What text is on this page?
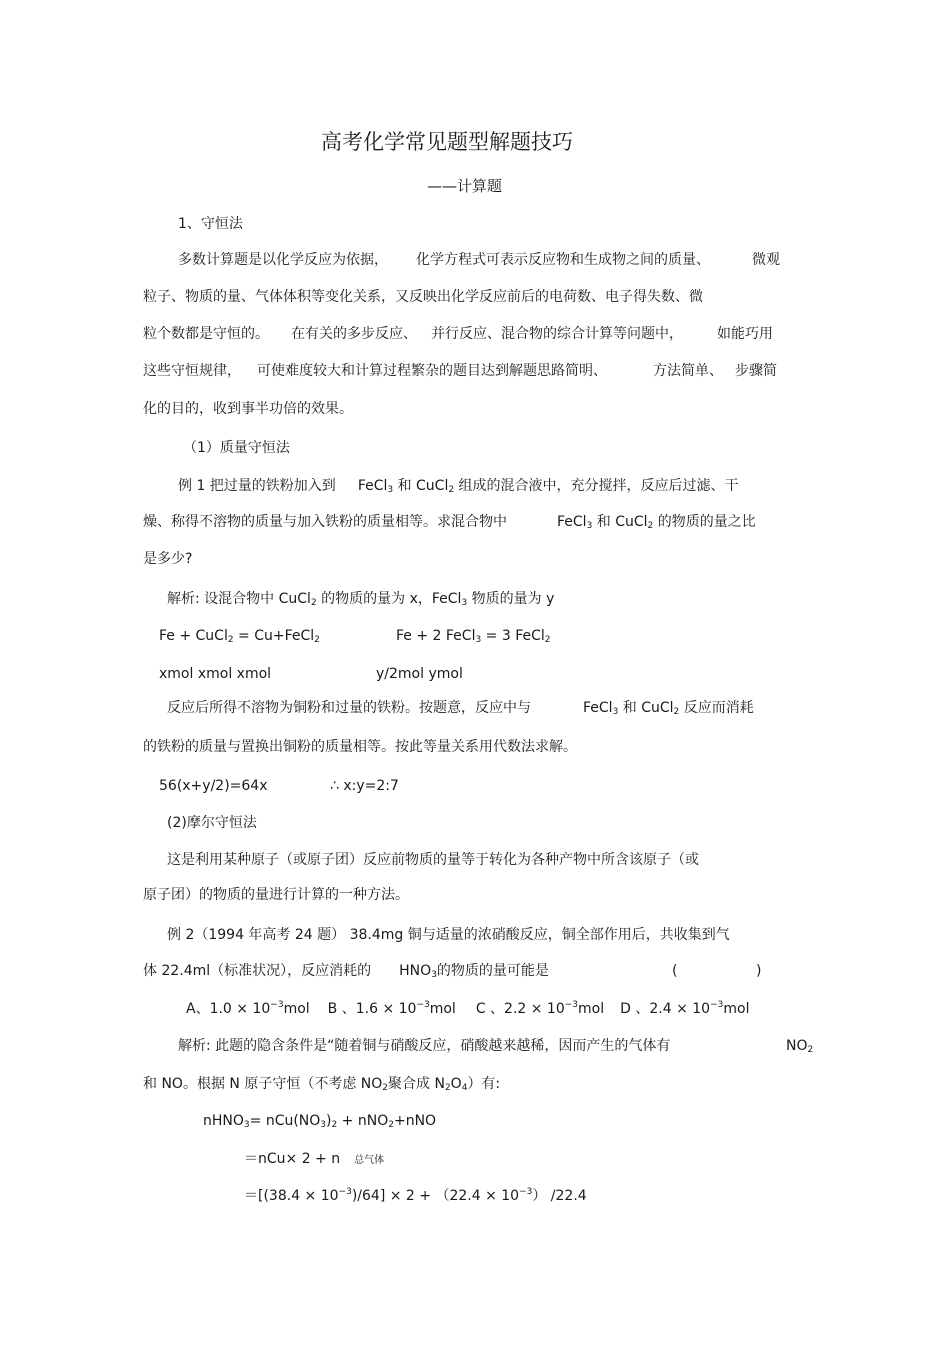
高考化学常见题型解题技巧
——计算题
1、守恒法
多数计算题是以化学反应为依据， 化学方程式可表示反应物和生成物之间的质量、	微观
粒子、物质的量、气体体积等变化关系，又反映出化学反应前后的电荷数、电子得失数、微
粒个数都是守恒的。 在有关的多步反应、 并行反应、混合物的综合计算等问题中， 如能巧用
这些守恒规律， 可使难度较大和计算过程繁杂的题目达到解题思路简明、	方法简单、 步骤简
化的目的，收到事半功倍的效果。
（1）质量守恒法
例 1 把过量的铁粉加入到 FeCl$_3$ 和 CuCl$_2$ 组成的混合液中，充分搅拌，反应后过滤、干
燥、称得不溶物的质量与加入铁粉的质量相等。求混合物中	FeCl$_3$ 和 CuCl$_2$ 的物质的量之比
是多少?
解析: 设混合物中 CuCl$_2$ 的物质的量为 x，FeCl$_3$ 物质的量为 y
Fe + CuCl$_2$ = Cu+FeCl$_2$	Fe + 2 FeCl$_3$ = 3 FeCl$_2$
xmol xmol xmol	y/2mol ymol
反应后所得不溶物为铜粉和过量的铁粉。按题意，反应中与	FeCl$_3$ 和 CuCl$_2$ 反应而消耗
的铁粉的质量与置换出铜粉的质量相等。按此等量关系用代数法求解。
56(x+y/2)=64x	∴ x:y=2:7
(2)摩尔守恒法
这是利用某种原子（或原子团）反应前物质的量等于转化为各种产物中所含该原子（或
原子团）的物质的量进行计算的一种方法。
例 2（1994 年高考 24 题） 38.4mg 铜与适量的浓硝酸反应，铜全部作用后，共收集到气
体 22.4ml（标准状况），反应消耗的 $HNO_3$的物质的量可能是	(	)
A、$1.0 \times 10^{-3}mol$ B 、$1.6 \times 10^{-3}mol$ C 、$2.2 \times 10^{-3}mol$ D 、$2.4 \times 10^{-3}mol$
解析: 此题的隐含条件是“随着铜与硝酸反应，硝酸越来越稀，因而产生的气体有	$NO_2$
和 NO。根据 N 原子守恒（不考虑 $NO_2$聚合成 $N_2O_4$）有:
nHNO$_3$= $nCu(NO_3)_2 + nNO_2+nNO$
＝nCu× 2 + n 总气体
$=[(38.4 \times 10^{-3})/64] \times 2 + (22.4 \times 10^{-3})$ /22.4
